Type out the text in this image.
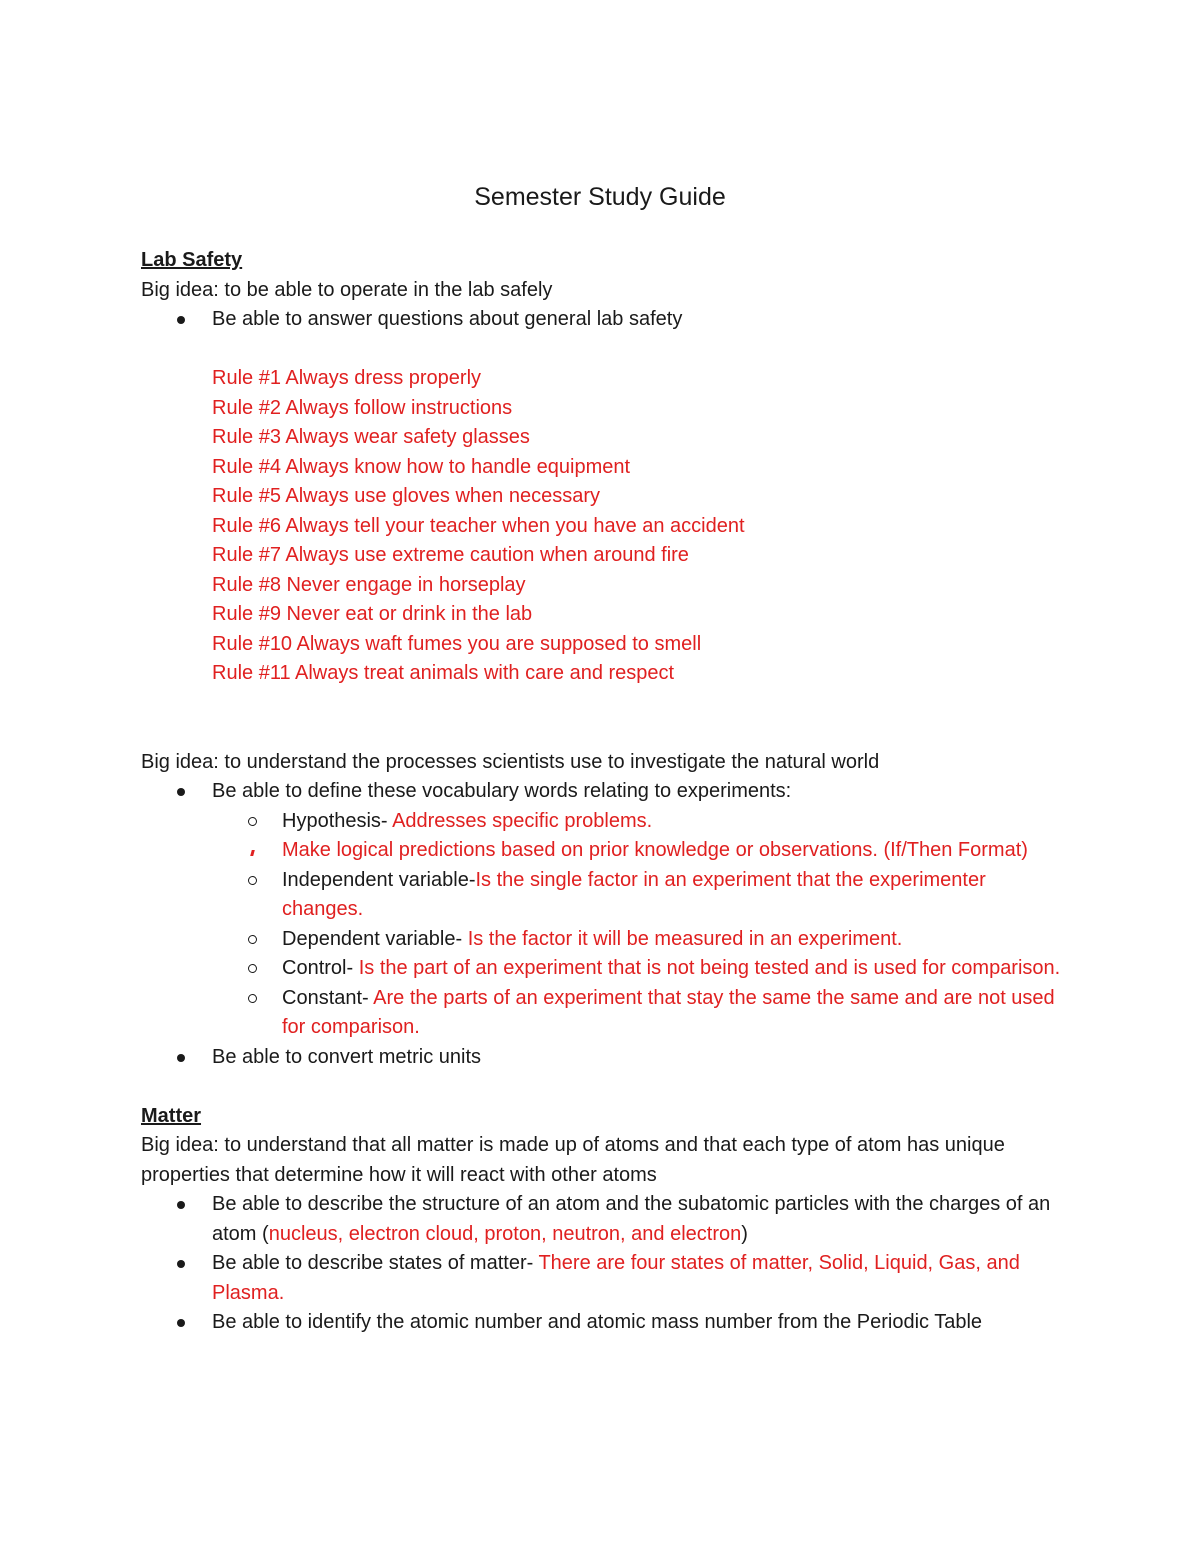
Semester Study Guide
Lab Safety
Big idea: to be able to operate in the lab safely
Be able to answer questions about general lab safety
Rule #1 Always dress properly
Rule #2 Always follow instructions
Rule #3 Always wear safety glasses
Rule #4 Always know how to handle equipment
Rule #5 Always use gloves when necessary
Rule #6 Always tell your teacher when you have an accident
Rule #7 Always use extreme caution when around fire
Rule #8 Never engage in horseplay
Rule #9 Never eat or drink in the lab
Rule #10 Always waft fumes you are supposed to smell
Rule #11 Always treat animals with care and respect
Big idea: to understand the processes scientists use to investigate the natural world
Be able to define these vocabulary words relating to experiments:
Hypothesis- Addresses specific problems.
Make logical predictions based on prior knowledge or observations. (If/Then Format)
Independent variable-Is the single factor in an experiment that the experimenter changes.
Dependent variable- Is the factor it will be measured in an experiment.
Control- Is the part of an experiment that is not being tested and is used for comparison.
Constant- Are the parts of an experiment that stay the same the same and are not used for comparison.
Be able to convert metric units
Matter
Big idea: to understand that all matter is made up of atoms and that each type of atom has unique properties that determine how it will react with other atoms
Be able to describe the structure of an atom and the subatomic particles with the charges of an atom (nucleus, electron cloud, proton, neutron, and electron)
Be able to describe states of matter- There are four states of matter, Solid, Liquid, Gas, and Plasma.
Be able to identify the atomic number and atomic mass number from the Periodic Table
